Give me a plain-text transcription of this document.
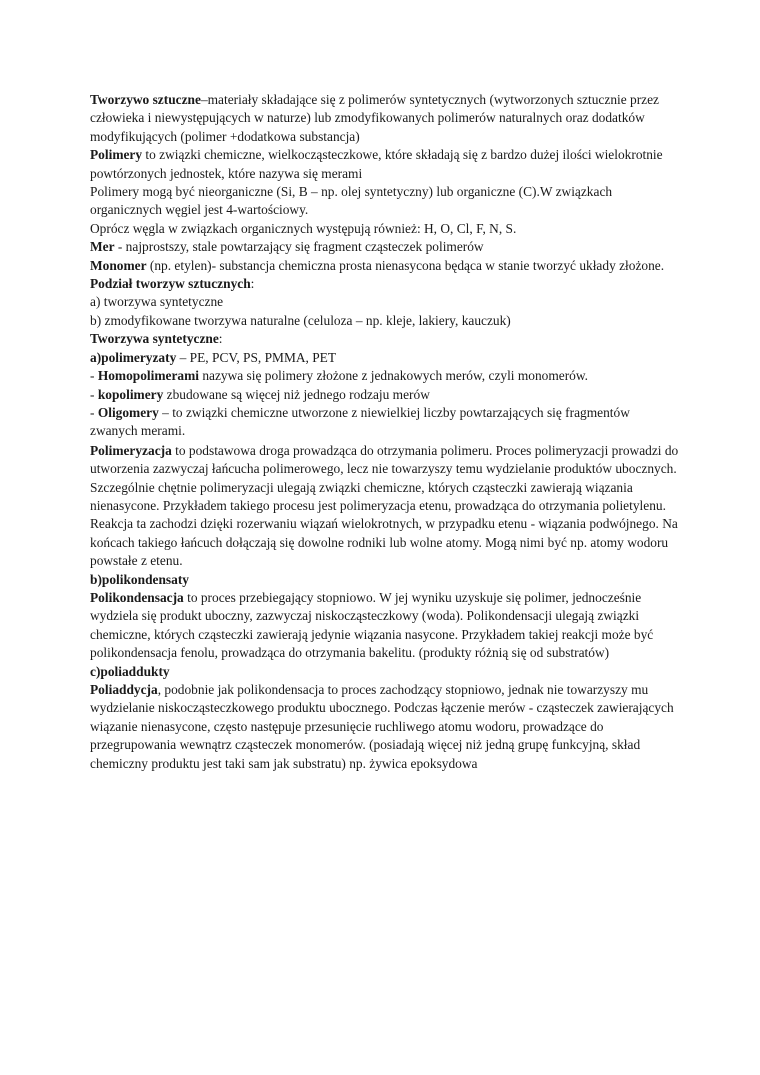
Tworzywo sztuczne–materiały składające się z polimerów syntetycznych (wytworzonych sztucznie przez człowieka i niewystępujących w naturze) lub zmodyfikowanych polimerów naturalnych oraz dodatków modyfikujących (polimer +dodatkowa substancja)

Polimery to związki chemiczne, wielkocząsteczkowe, które składają się z bardzo dużej ilości wielokrotnie powtórzonych jednostek, które nazywa się merami

Polimery mogą być nieorganiczne (Si, B – np. olej syntetyczny) lub organiczne (C).W związkach organicznych węgiel jest 4-wartościowy.

Oprócz węgla w związkach organicznych występują również: H, O, Cl, F, N, S.

Mer - najprostszy, stale powtarzający się fragment cząsteczek polimerów

Monomer (np. etylen)- substancja chemiczna prosta nienasycona będąca w stanie tworzyć układy złożone.

Podział tworzyw sztucznych:

a) tworzywa syntetyczne

b) zmodyfikowane tworzywa naturalne (celuloza – np. kleje, lakiery, kauczuk)

Tworzywa syntetyczne:

a)polimeryzaty – PE, PCV, PS, PMMA, PET

- Homopolimerami nazywa się polimery złożone z jednakowych merów, czyli monomerów.

- kopolimery zbudowane są więcej niż jednego rodzaju merów

- Oligomery – to związki chemiczne utworzone z niewielkiej liczby powtarzających się fragmentów zwanych merami.

Polimeryzacja to podstawowa droga prowadząca do otrzymania polimeru. Proces polimeryzacji prowadzi do utworzenia zazwyczaj łańcucha polimerowego, lecz nie towarzyszy temu wydzielanie produktów ubocznych. Szczególnie chętnie polimeryzacji ulegają związki chemiczne, których cząsteczki zawierają wiązania nienasycone. Przykładem takiego procesu jest polimeryzacja etenu, prowadząca do otrzymania polietylenu.

Reakcja ta zachodzi dzięki rozerwaniu wiązań wielokrotnych, w przypadku etenu - wiązania podwójnego. Na końcach takiego łańcuch dołączają się dowolne rodniki lub wolne atomy. Mogą nimi być np. atomy wodoru powstałe z etenu.

b)polikondensaty

Polikondensacja to proces przebiegający stopniowo. W jej wyniku uzyskuje się polimer, jednocześnie wydziela się produkt uboczny, zazwyczaj niskocząsteczkowy (woda). Polikondensacji ulegają związki chemiczne, których cząsteczki zawierają jedynie wiązania nasycone. Przykładem takiej reakcji może być polikondensacja fenolu, prowadząca do otrzymania bakelitu. (produkty różnią się od substratów)

c)poliaddukty

Poliaddycja, podobnie jak polikondensacja to proces zachodzący stopniowo, jednak nie towarzyszy mu wydzielanie niskocząsteczkowego produktu ubocznego. Podczas łączenie merów - cząsteczek zawierających wiązanie nienasycone, często następuje przesunięcie ruchliwego atomu wodoru, prowadzące do przegrupowania wewnątrz cząsteczek monomerów. (posiadają więcej niż jedną grupę funkcyjną, skład chemiczny produktu jest taki sam jak substratu) np. żywica epoksydowa
